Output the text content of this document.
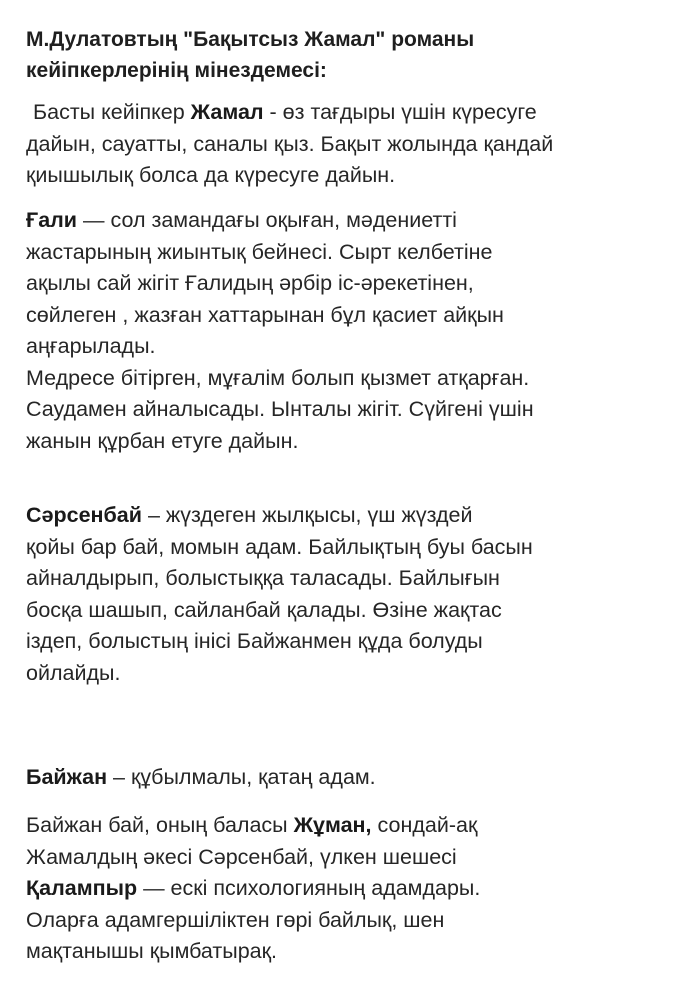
М.Дулатовтың "Бақытсыз Жамал" романы
кейіпкерлерінің мінездемесі:
Басты кейіпкер Жамал - өз тағдыры үшін күресуге
дайын, сауатты, саналы қыз. Бақыт жолында қандай
қиышылық болса да күресуге дайын.
Ғали — сол замандағы оқыған, мәдениетті
жастарының жиынтық бейнесі. Сырт келбетіне
ақылы сай жігіт Ғалидың әрбір іс-әрекетінен,
сөйлеген , жазған хаттарынан бұл қасиет айқын
аңғарылады.
Медресе бітірген, мұғалім болып қызмет атқарған.
Саудамен айналысады. Ынталы жігіт. Сүйгені үшін
жанын құрбан етуге дайын.
Сәрсенбай – жүздеген жылқысы, үш жүздей
қойы бар бай, момын адам. Байлықтың буы басын
айналдырып, болыстыққа таласады. Байлығын
босқа шашып, сайланбай қалады. Өзіне жақтас
іздеп, болыстың інісі Байжанмен құда болуды
ойлайды.
Байжан – құбылмалы, қатаң адам.
Байжан бай, оның баласы Жұман, сондай-ақ
Жамалдың әкесі Сәрсенбай, үлкен шешесі
Қалампыр — ескі психологияның адамдары.
Оларға адамгершіліктен гөрі байлық, шен
мақтанышы қымбатырақ.
